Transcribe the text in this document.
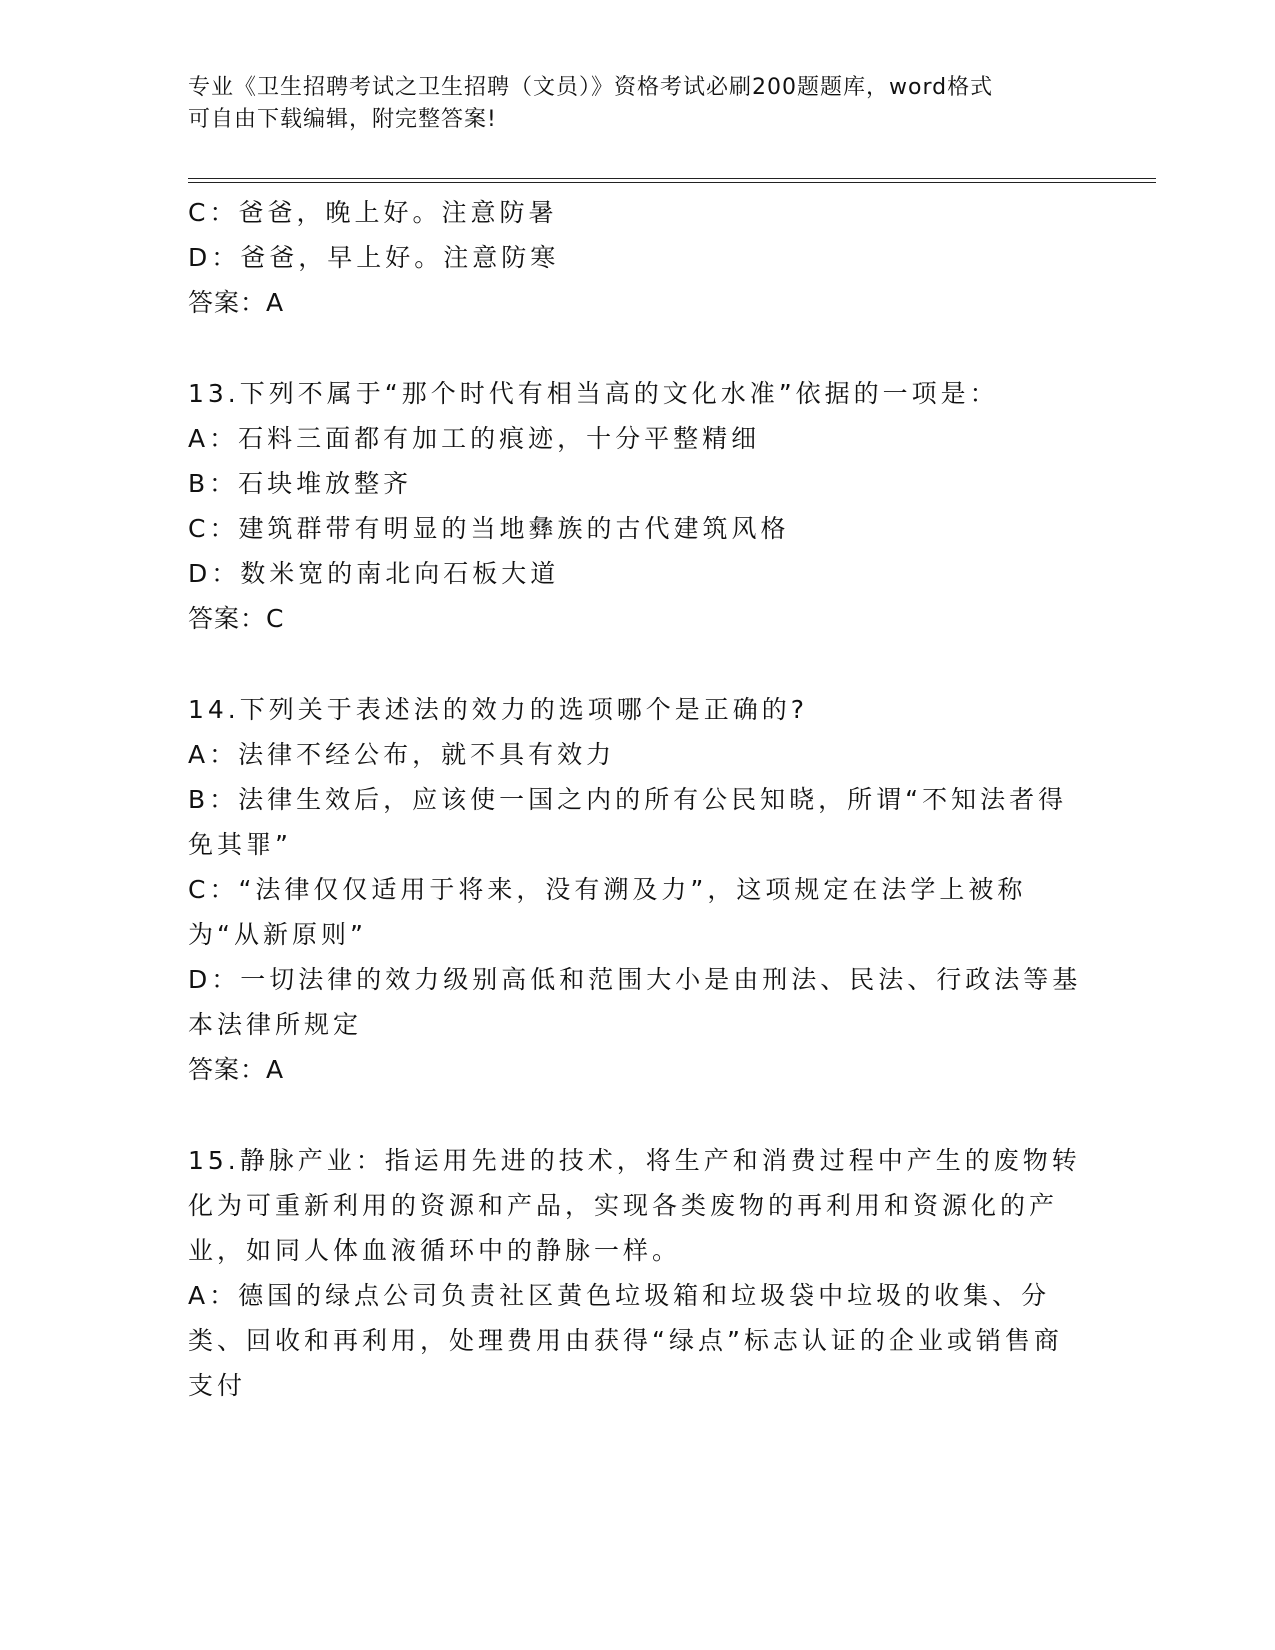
专业《卫生招聘考试之卫生招聘（文员）》资格考试必刷200题题库，word格式
可自由下载编辑，附完整答案!
C：爸爸，晚上好。注意防暑
D：爸爸，早上好。注意防寒
答案：A
13.下列不属于“那个时代有相当高的文化水准”依据的一项是：
A：石料三面都有加工的痕迹，十分平整精细
B：石块堆放整齐
C：建筑群带有明显的当地彝族的古代建筑风格
D：数米宽的南北向石板大道
答案：C
14.下列关于表述法的效力的选项哪个是正确的?
A：法律不经公布，就不具有效力
B：法律生效后，应该使一国之内的所有公民知晓，所谓“不知法者得免其罪”
C：“法律仅仅适用于将来，没有溯及力”，这项规定在法学上被称为“从新原则”
D：一切法律的效力级别高低和范围大小是由刑法、民法、行政法等基本法律所规定
答案：A
15.静脉产业：指运用先进的技术，将生产和消费过程中产生的废物转化为可重新利用的资源和产品，实现各类废物的再利用和资源化的产业，如同人体血液循环中的静脉一样。
A：德国的绿点公司负责社区黄色垃圾箱和垃圾袋中垃圾的收集、分类、回收和再利用，处理费用由获得“绿点”标志认证的企业或销售商支付
